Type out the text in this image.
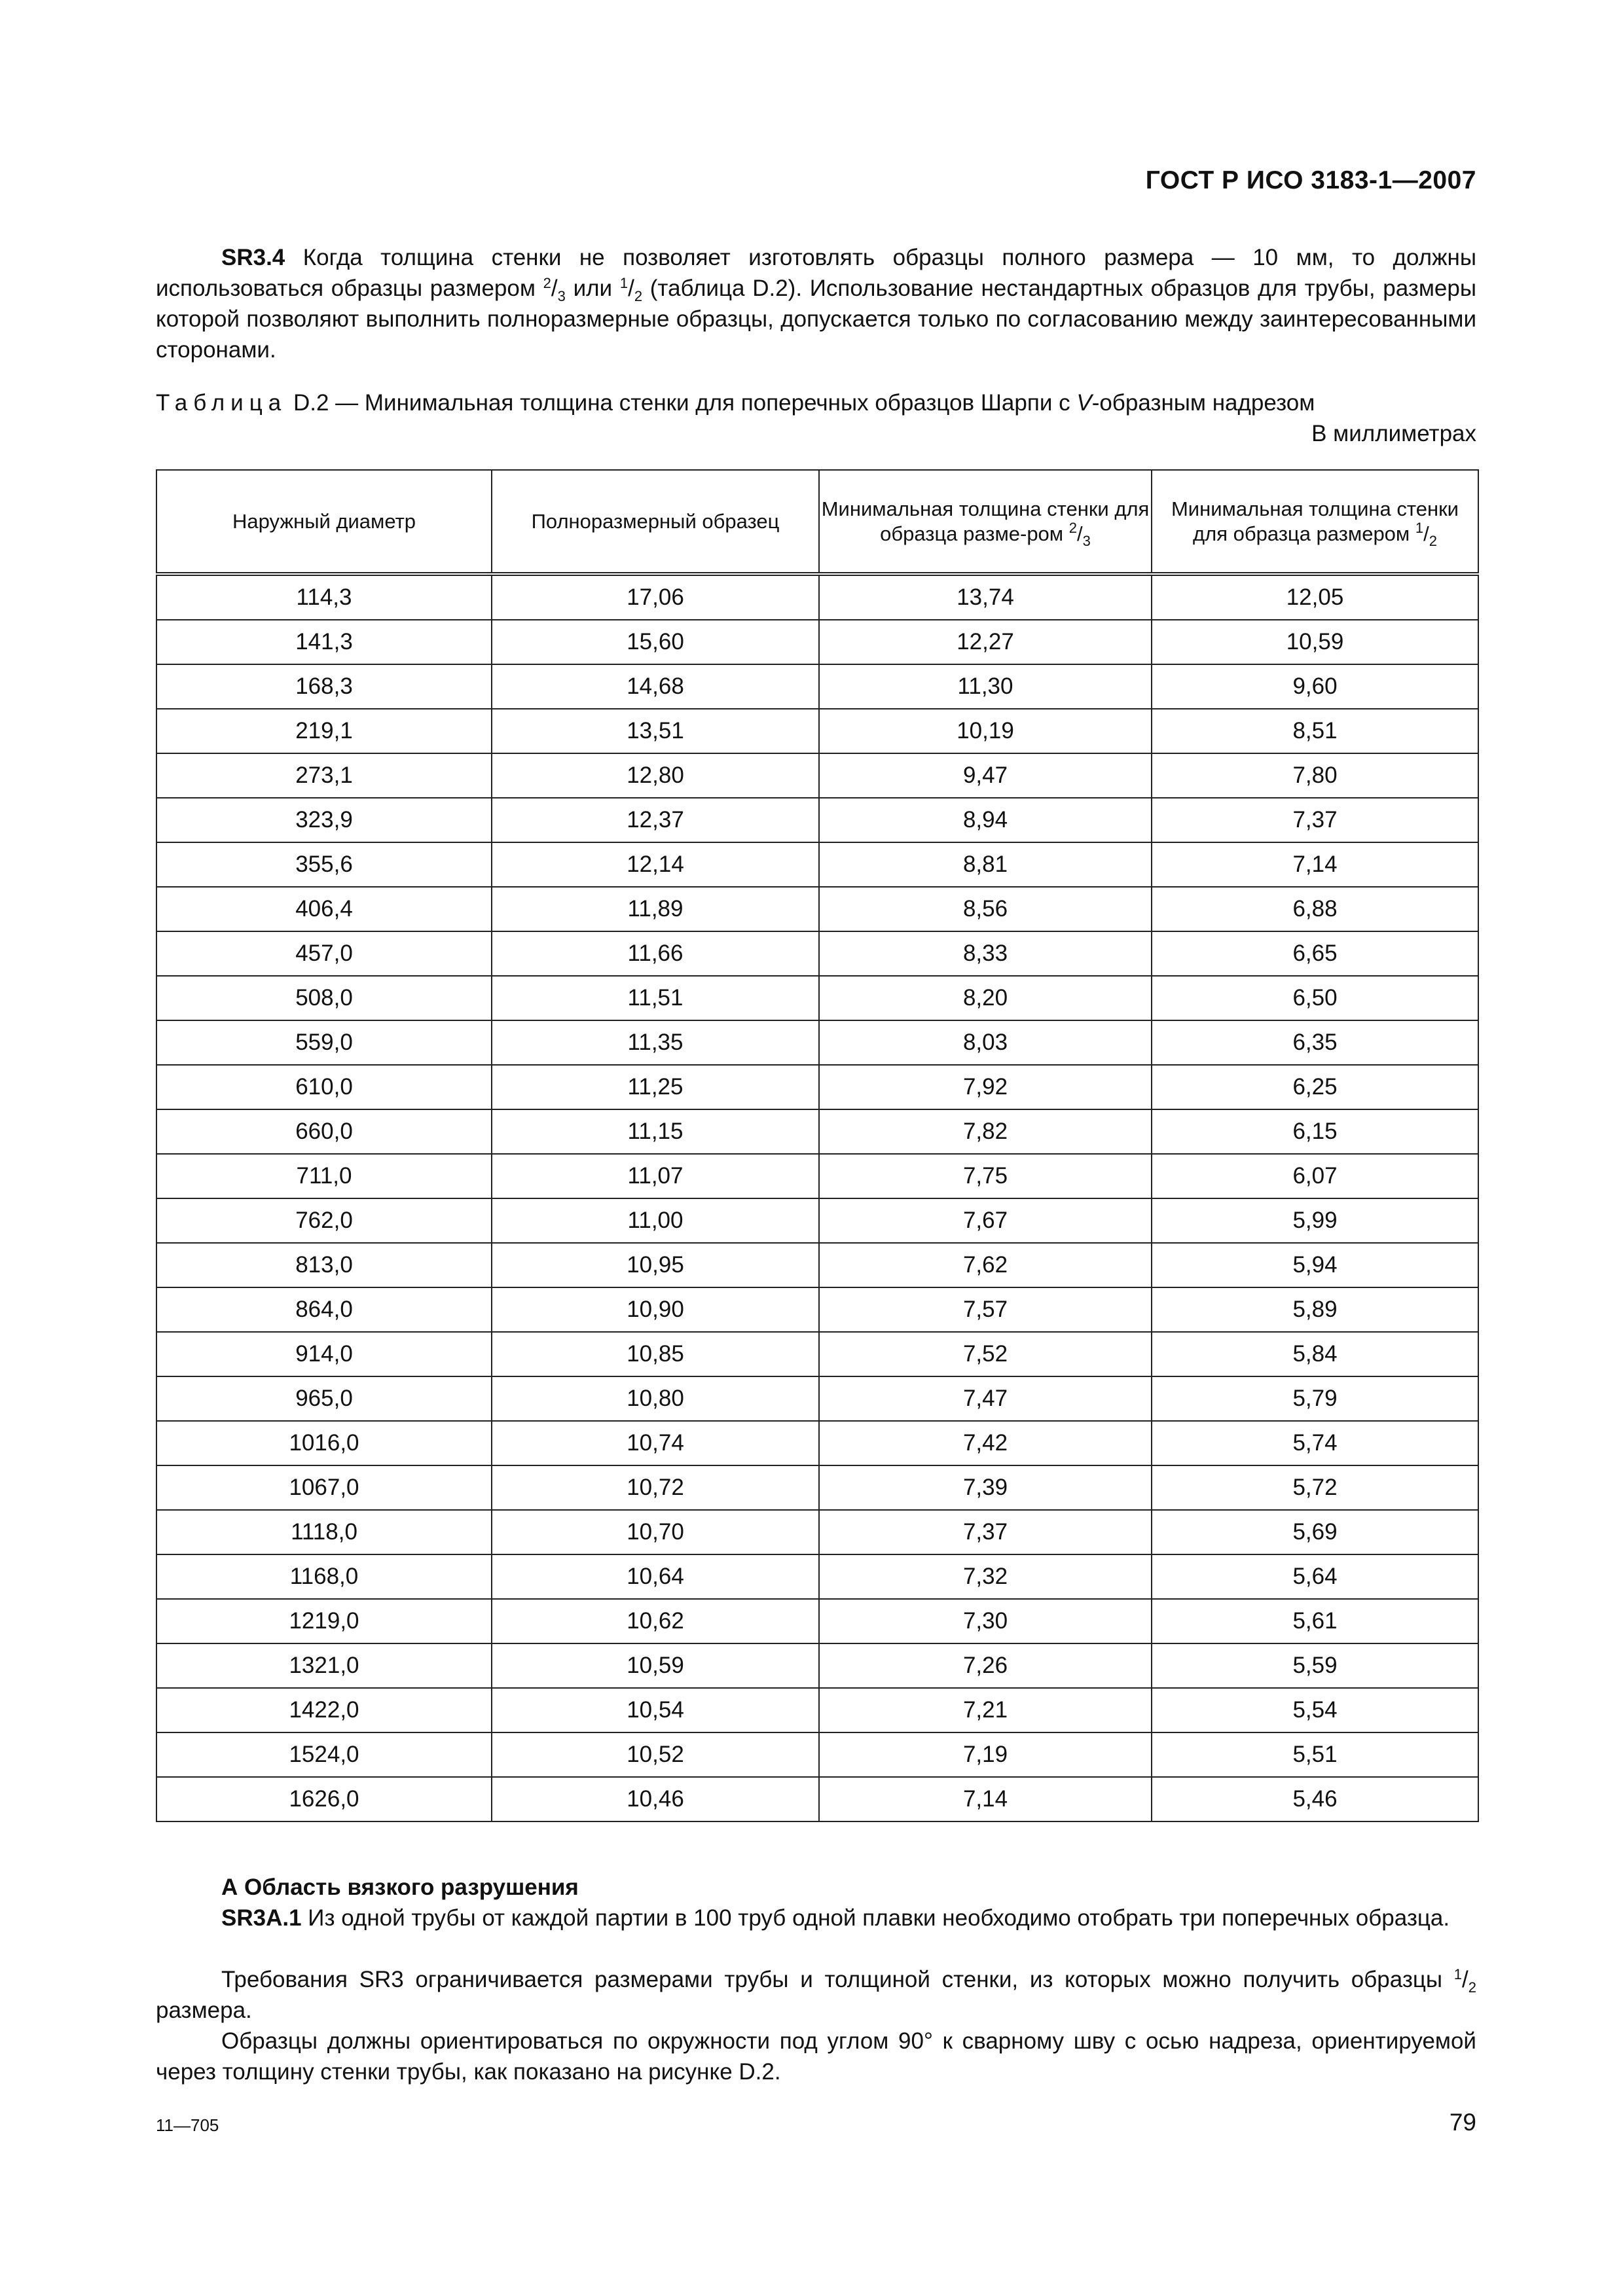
ГОСТ Р ИСО 3183-1—2007
SR3.4 Когда толщина стенки не позволяет изготовлять образцы полного размера — 10 мм, то должны использоваться образцы размером $^2/_3$ или $^1/_2$ (таблица D.2). Использование нестандартных образцов для трубы, размеры которой позволяют выполнить полноразмерные образцы, допускается только по согласованию между заинтересованными сторонами.
Таблица D.2 — Минимальная толщина стенки для поперечных образцов Шарпи с V-образным надрезом
В миллиметрах
Наружный диаметр	Полноразмерный образец	Минимальная толщина стенки для образца разме-ром $^2/_3$	Минимальная толщина стенки для образца размером $^1/_2$
114,3	17,06	13,74	12,05
141,3	15,60	12,27	10,59
168,3	14,68	11,30	9,60
219,1	13,51	10,19	8,51
273,1	12,80	9,47	7,80
323,9	12,37	8,94	7,37
355,6	12,14	8,81	7,14
406,4	11,89	8,56	6,88
457,0	11,66	8,33	6,65
508,0	11,51	8,20	6,50
559,0	11,35	8,03	6,35
610,0	11,25	7,92	6,25
660,0	11,15	7,82	6,15
711,0	11,07	7,75	6,07
762,0	11,00	7,67	5,99
813,0	10,95	7,62	5,94
864,0	10,90	7,57	5,89
914,0	10,85	7,52	5,84
965,0	10,80	7,47	5,79
1016,0	10,74	7,42	5,74
1067,0	10,72	7,39	5,72
1118,0	10,70	7,37	5,69
1168,0	10,64	7,32	5,64
1219,0	10,62	7,30	5,61
1321,0	10,59	7,26	5,59
1422,0	10,54	7,21	5,54
1524,0	10,52	7,19	5,51
1626,0	10,46	7,14	5,46
А Область вязкого разрушения
SR3A.1 Из одной трубы от каждой партии в 100 труб одной плавки необходимо отобрать три поперечных образца.
Требования SR3 ограничивается размерами трубы и толщиной стенки, из которых можно получить образцы $^1/_2$ размера.
Образцы должны ориентироваться по окружности под углом 90° к сварному шву с осью надреза, ориентируемой через толщину стенки трубы, как показано на рисунке D.2.
11—705	79
